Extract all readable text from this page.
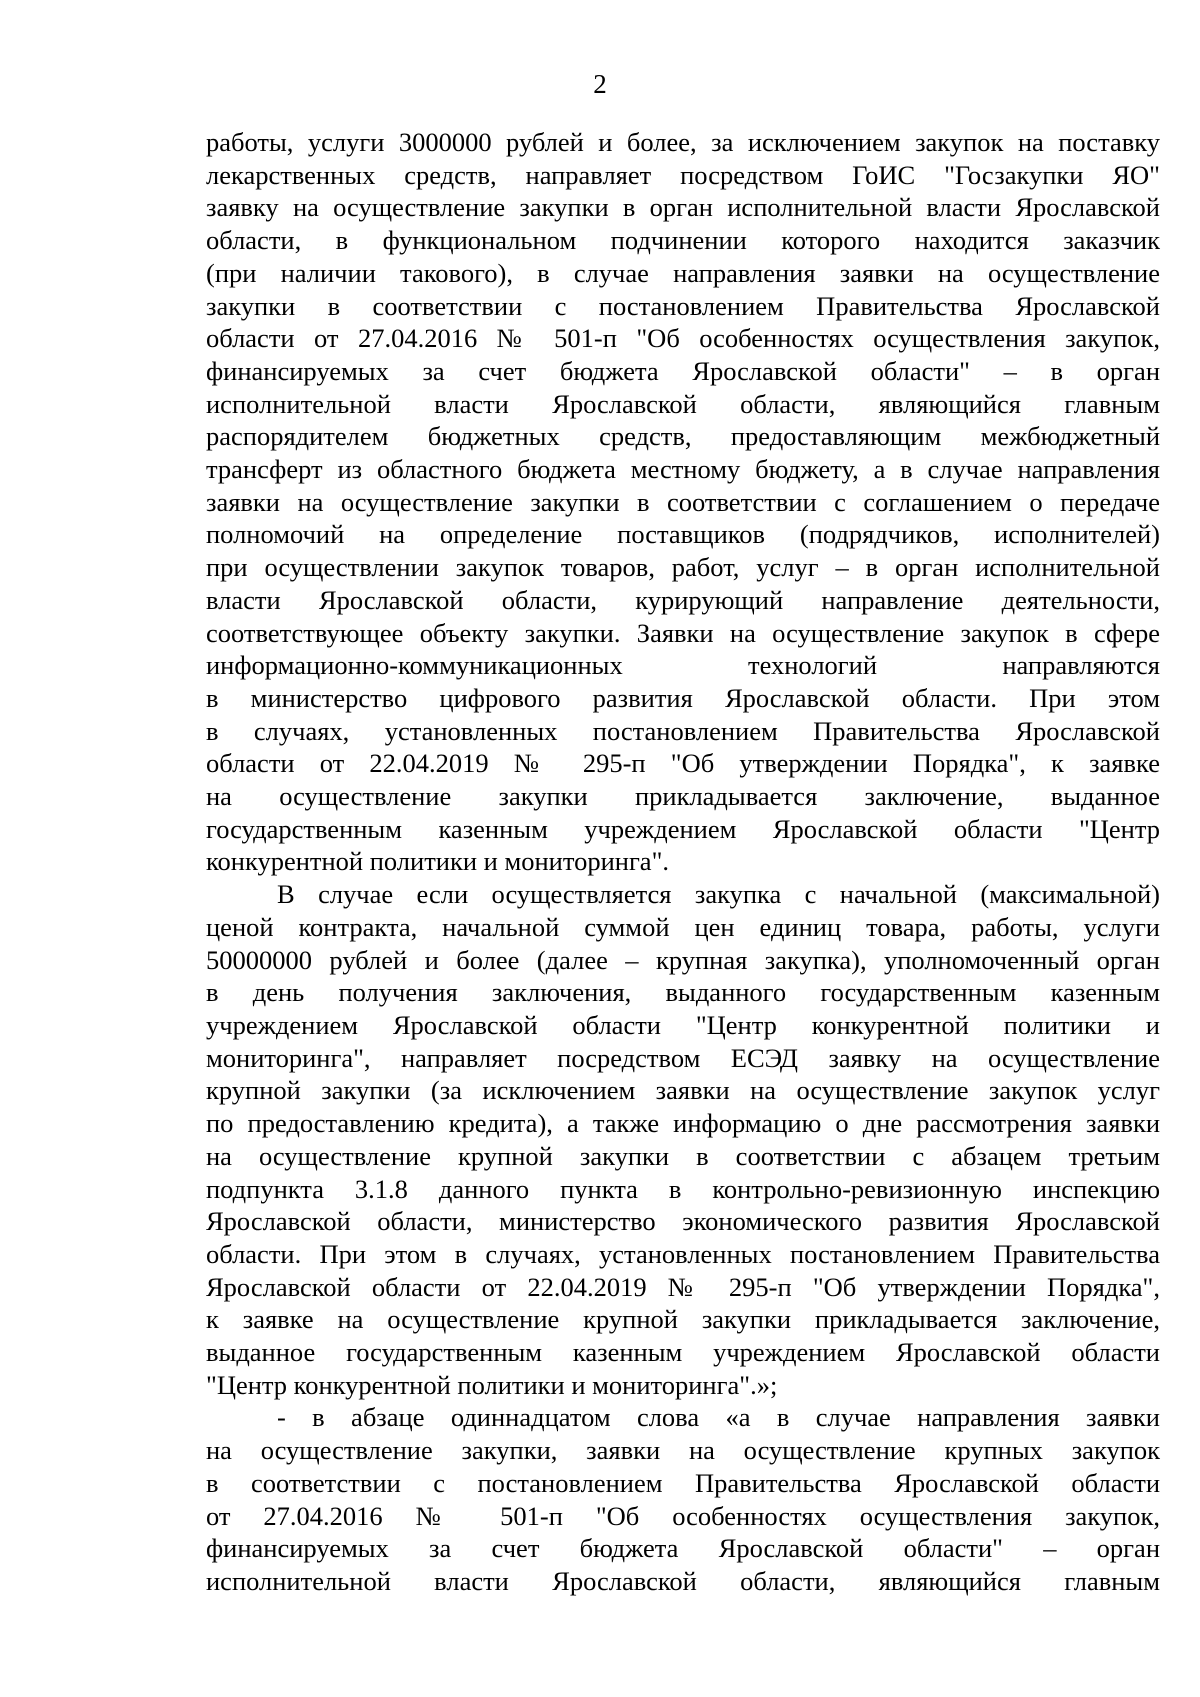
2
работы, услуги 3000000 рублей и более, за исключением закупок на поставку
лекарственных средств, направляет посредством ГоИС "Госзакупки ЯО"
заявку на осуществление закупки в орган исполнительной власти Ярославской
области, в функциональном подчинении которого находится заказчик
(при наличии такового), в случае направления заявки на осуществление
закупки в соответствии с постановлением Правительства Ярославской
области от 27.04.2016 № 501-п "Об особенностях осуществления закупок,
финансируемых за счет бюджета Ярославской области" – в орган
исполнительной власти Ярославской области, являющийся главным
распорядителем бюджетных средств, предоставляющим межбюджетный
трансферт из областного бюджета местному бюджету, а в случае направления
заявки на осуществление закупки в соответствии с соглашением о передаче
полномочий на определение поставщиков (подрядчиков, исполнителей)
при осуществлении закупок товаров, работ, услуг – в орган исполнительной
власти Ярославской области, курирующий направление деятельности,
соответствующее объекту закупки. Заявки на осуществление закупок в сфере
информационно-коммуникационных технологий направляются
в министерство цифрового развития Ярославской области. При этом
в случаях, установленных постановлением Правительства Ярославской
области от 22.04.2019 № 295-п "Об утверждении Порядка", к заявке
на осуществление закупки прикладывается заключение, выданное
государственным казенным учреждением Ярославской области "Центр
конкурентной политики и мониторинга".
В случае если осуществляется закупка с начальной (максимальной)
ценой контракта, начальной суммой цен единиц товара, работы, услуги
50000000 рублей и более (далее – крупная закупка), уполномоченный орган
в день получения заключения, выданного государственным казенным
учреждением Ярославской области "Центр конкурентной политики и
мониторинга", направляет посредством ЕСЭД заявку на осуществление
крупной закупки (за исключением заявки на осуществление закупок услуг
по предоставлению кредита), а также информацию о дне рассмотрения заявки
на осуществление крупной закупки в соответствии с абзацем третьим
подпункта 3.1.8 данного пункта в контрольно-ревизионную инспекцию
Ярославской области, министерство экономического развития Ярославской
области. При этом в случаях, установленных постановлением Правительства
Ярославской области от 22.04.2019 № 295-п "Об утверждении Порядка",
к заявке на осуществление крупной закупки прикладывается заключение,
выданное государственным казенным учреждением Ярославской области
"Центр конкурентной политики и мониторинга".»;
- в абзаце одиннадцатом слова «а в случае направления заявки
на осуществление закупки, заявки на осуществление крупных закупок
в соответствии с постановлением Правительства Ярославской области
от 27.04.2016 № 501-п "Об особенностях осуществления закупок,
финансируемых за счет бюджета Ярославской области" – орган
исполнительной власти Ярославской области, являющийся главным
